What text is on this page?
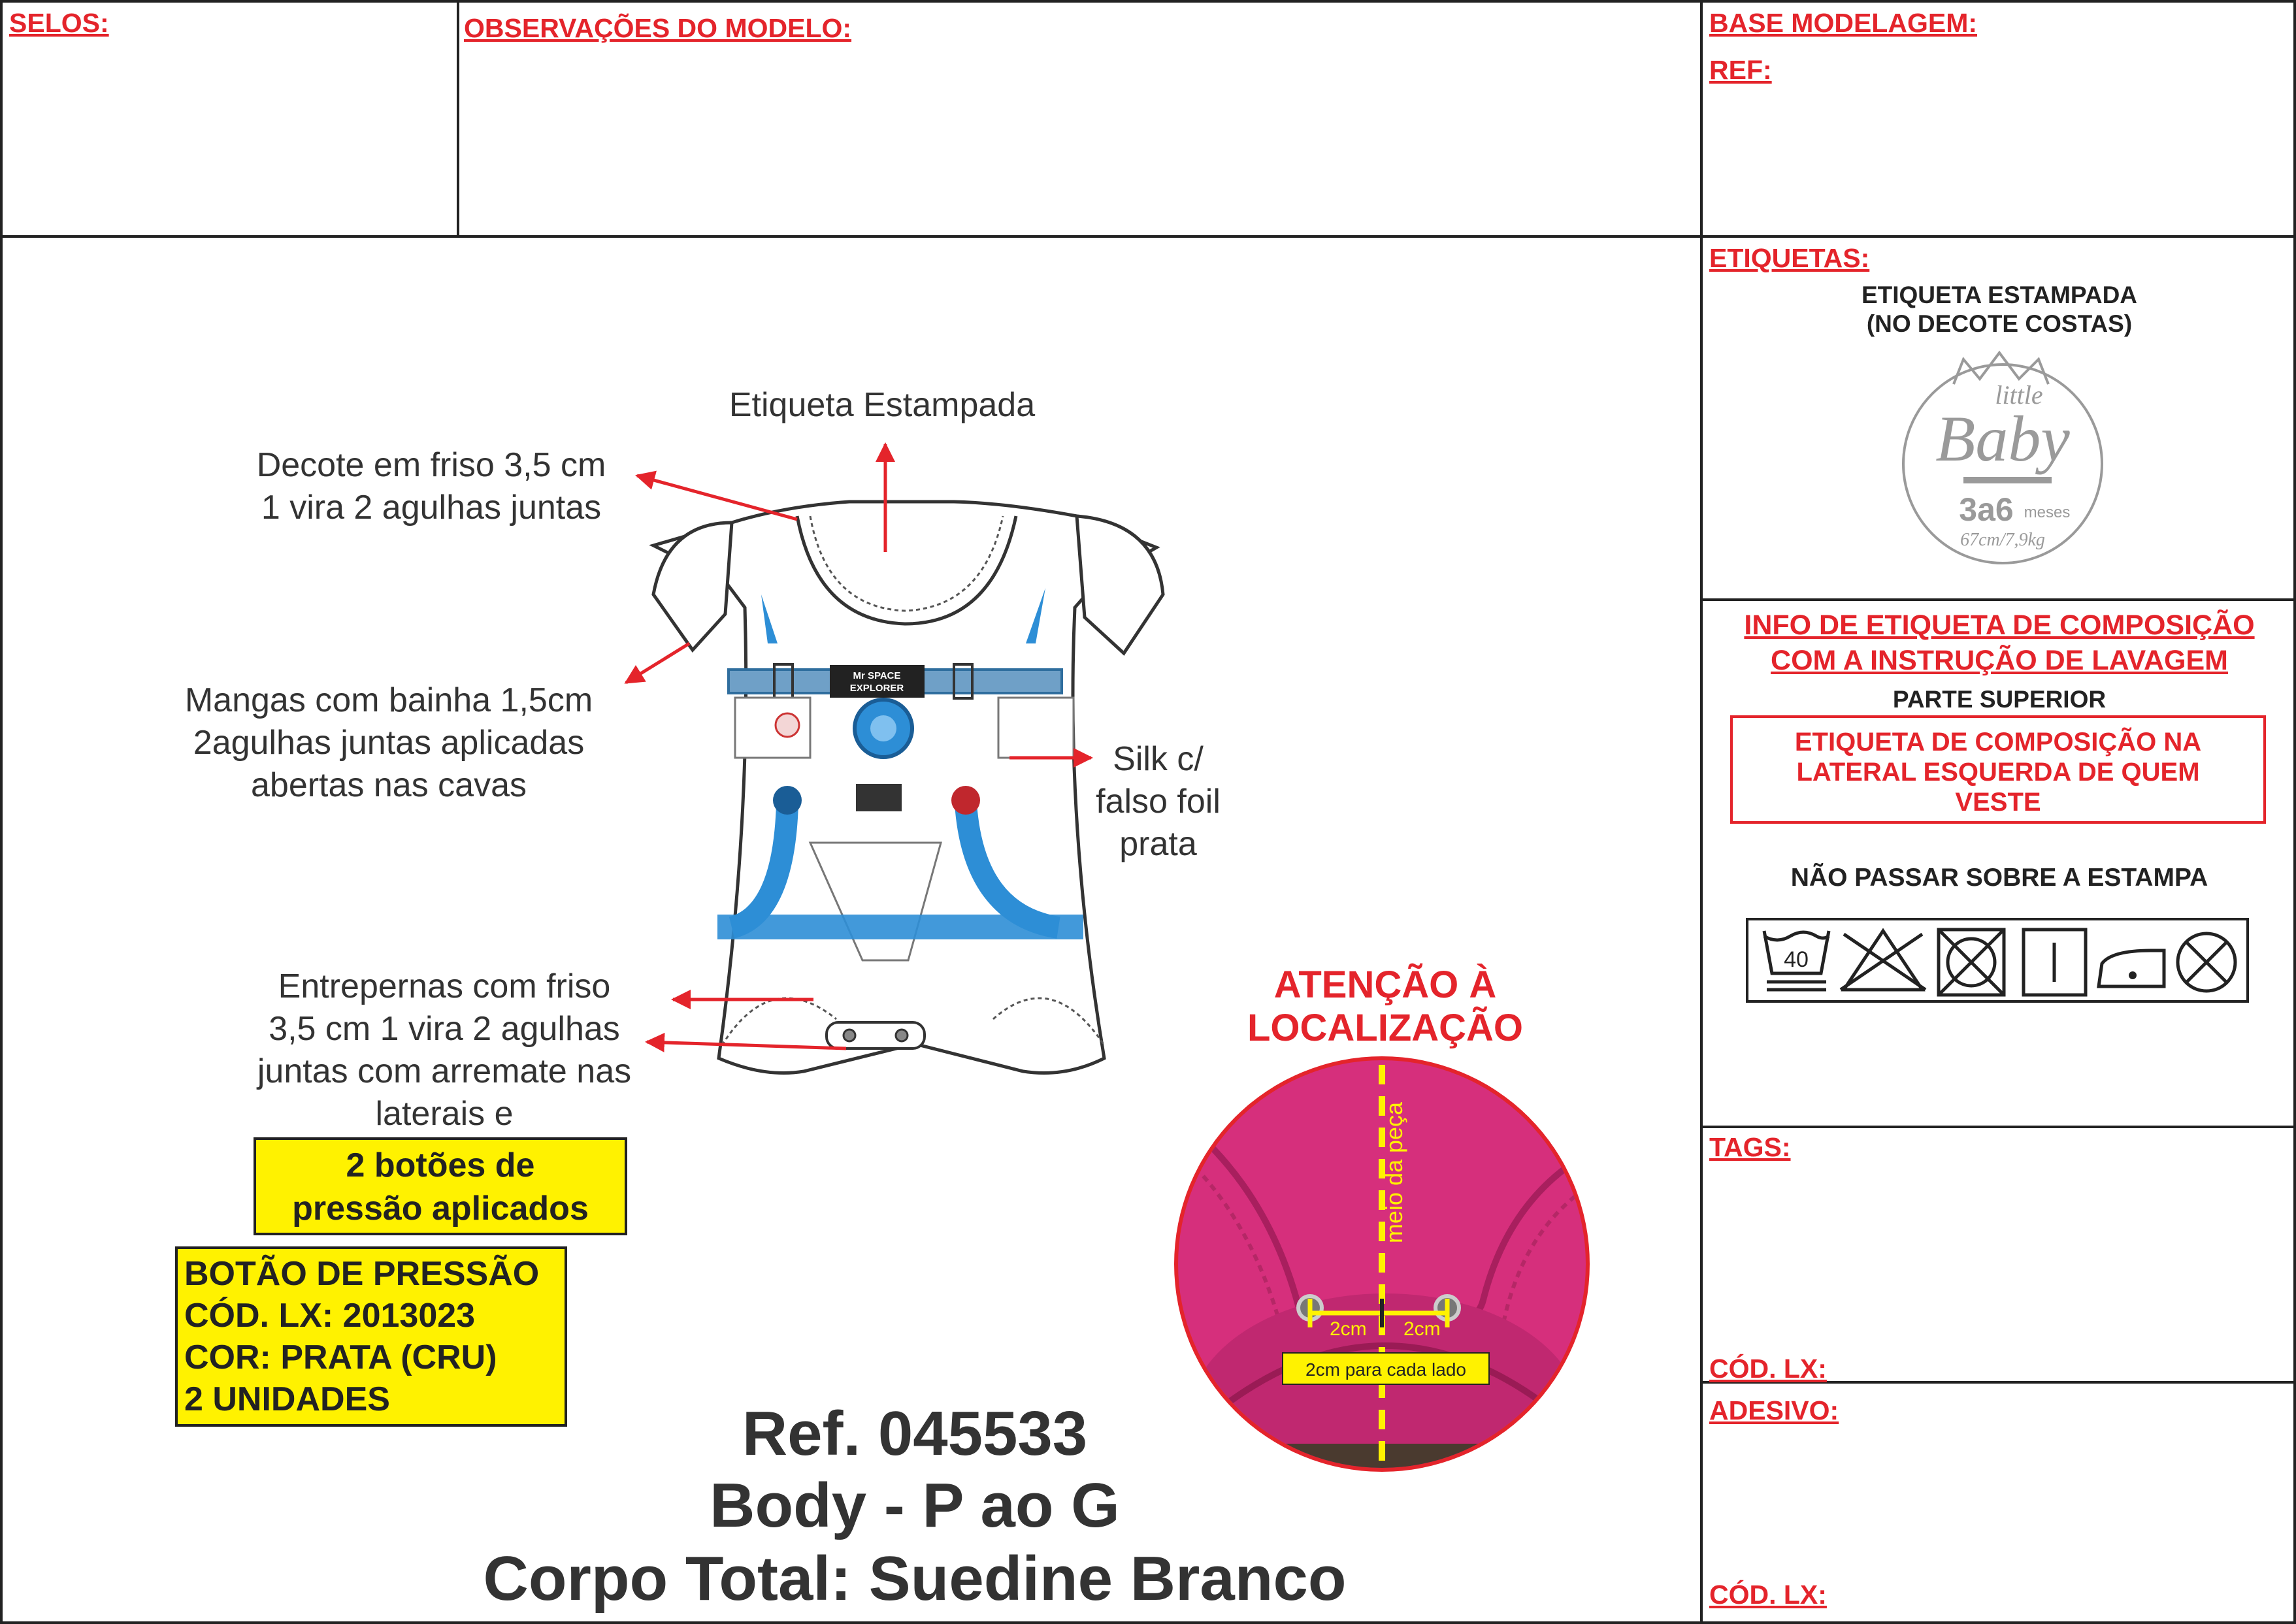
SELOS:	OBSERVAÇÕES DO MODELO:	BASE MODELAGEM:
REF:
Mr SPACE
EXPLORER
Etiqueta Estampada
Decote em friso 3,5 cm
1 vira 2 agulhas juntas
Mangas com bainha 1,5cm
2agulhas juntas aplicadas
abertas nas cavas
Silk c/
falso foil
prata
Entrepernas com friso
3,5 cm 1 vira 2 agulhas
juntas com arremate nas
laterais e
2 botões de
pressão aplicados
BOTÃO DE PRESSÃO
CÓD. LX: 2013023
COR: PRATA (CRU)
2 UNIDADES	Ref. 045533
Body - P ao G
Corpo Total: Suedine Branco
ATENÇÃO À
LOCALIZAÇÃO
meio da peça
2cm 2cm
2cm para cada lado
ETIQUETAS:
ETIQUETA ESTAMPADA
(NO DECOTE COSTAS)
little
Baby
3a6 meses
67cm/7,9kg
INFO DE ETIQUETA DE COMPOSIÇÃO
COM A INSTRUÇÃO DE LAVAGEM
PARTE SUPERIOR
ETIQUETA DE COMPOSIÇÃO NA
LATERAL ESQUERDA DE QUEM
VESTE
NÃO PASSAR SOBRE A ESTAMPA
40
TAGS:
CÓD. LX:
ADESIVO:
CÓD. LX:
